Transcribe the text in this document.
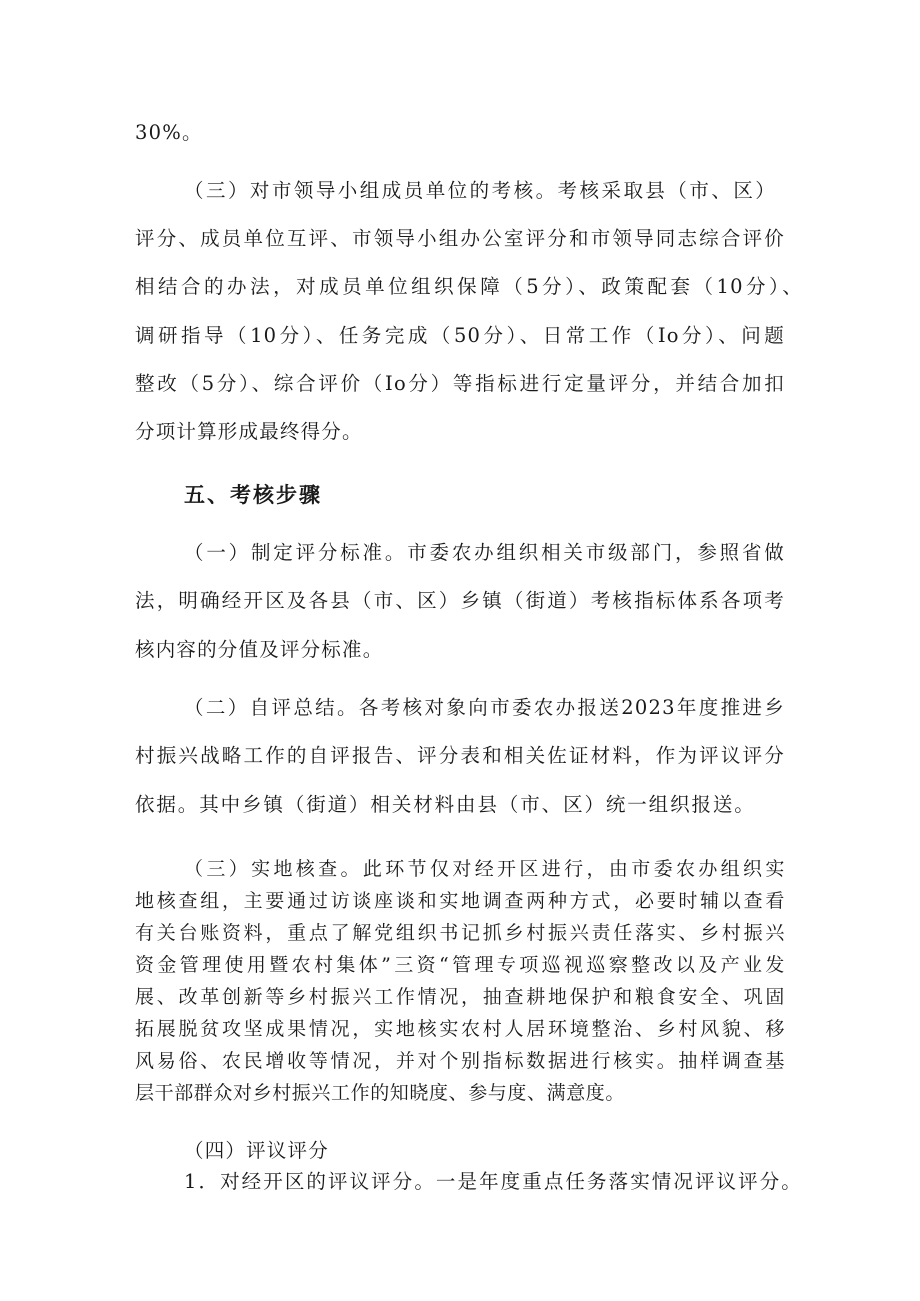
30%。
（三）对市领导小组成员单位的考核。考核采取县（市、区）
评分、成员单位互评、市领导小组办公室评分和市领导同志综合评价
相结合的办法，对成员单位组织保障（5分）、政策配套（10分）、
调研指导（10分）、任务完成（50分）、日常工作（Io分）、问题
整改（5分）、综合评价（Io分）等指标进行定量评分，并结合加扣
分项计算形成最终得分。
五、考核步骤
（一）制定评分标准。市委农办组织相关市级部门，参照省做
法，明确经开区及各县（市、区）乡镇（街道）考核指标体系各项考
核内容的分值及评分标准。
（二）自评总结。各考核对象向市委农办报送2023年度推进乡
村振兴战略工作的自评报告、评分表和相关佐证材料，作为评议评分
依据。其中乡镇（街道）相关材料由县（市、区）统一组织报送。
（三）实地核查。此环节仅对经开区进行，由市委农办组织实
地核查组，主要通过访谈座谈和实地调查两种方式，必要时辅以查看
有关台账资料，重点了解党组织书记抓乡村振兴责任落实、乡村振兴
资金管理使用暨农村集体”三资“管理专项巡视巡察整改以及产业发
展、改革创新等乡村振兴工作情况，抽查耕地保护和粮食安全、巩固
拓展脱贫攻坚成果情况，实地核实农村人居环境整治、乡村风貌、移
风易俗、农民增收等情况，并对个别指标数据进行核实。抽样调查基
层干部群众对乡村振兴工作的知晓度、参与度、满意度。
（四）评议评分
1．对经开区的评议评分。一是年度重点任务落实情况评议评分。
